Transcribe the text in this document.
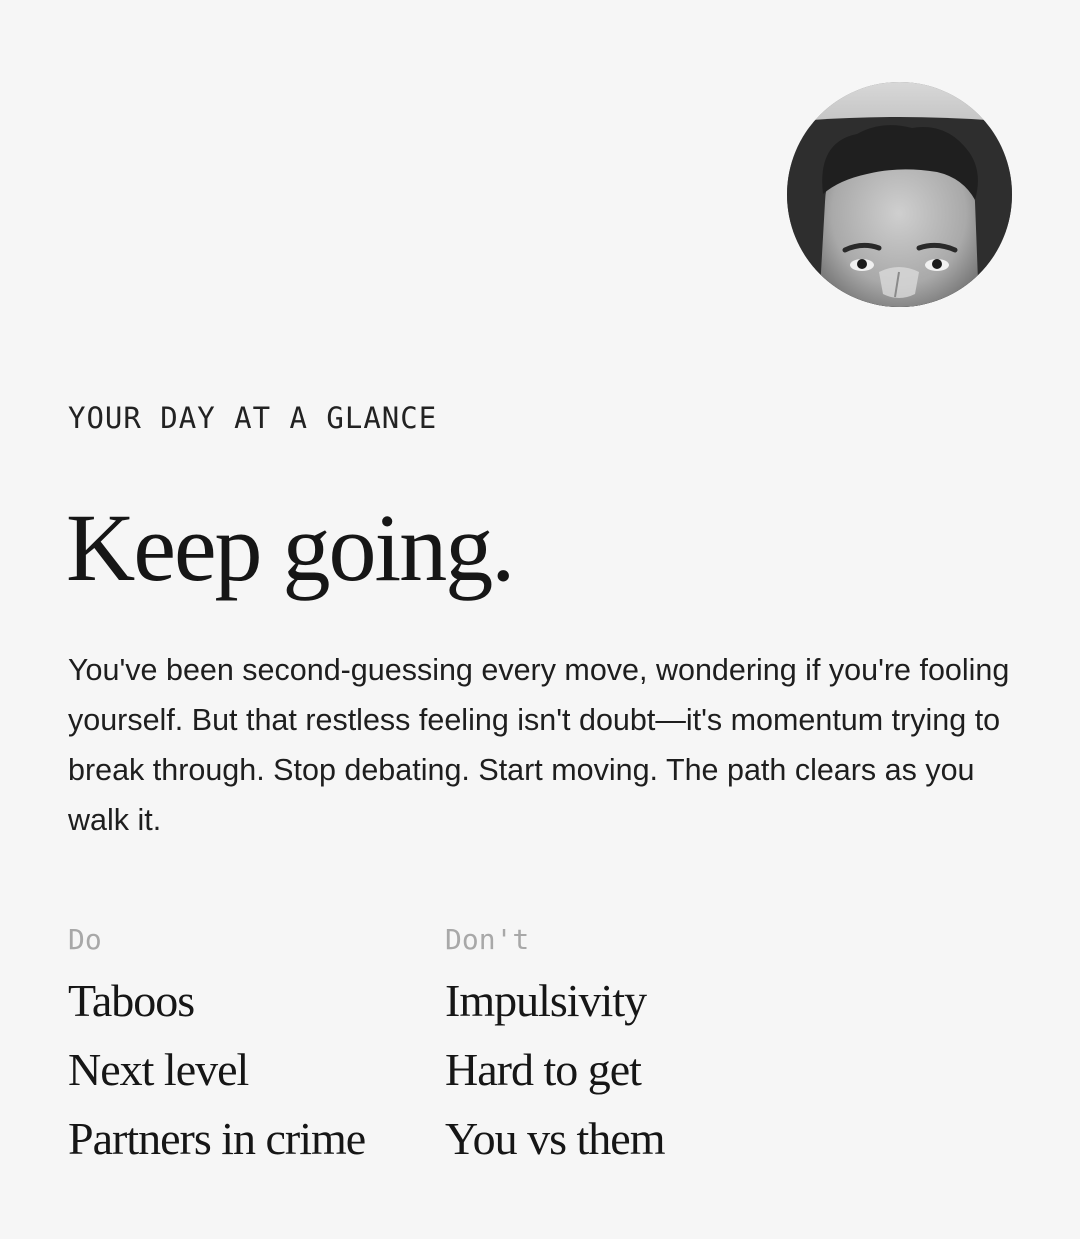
YOUR DAY AT A GLANCE
Keep going.

You've been second-guessing every move, wondering if you're fooling yourself. But that restless feeling isn't doubt—it's momentum trying to break through. Stop debating. Start moving. The path clears as you walk it.

Do
Taboos
Next level
Partners in crime
Don't
Impulsivity
Hard to get
You vs them
